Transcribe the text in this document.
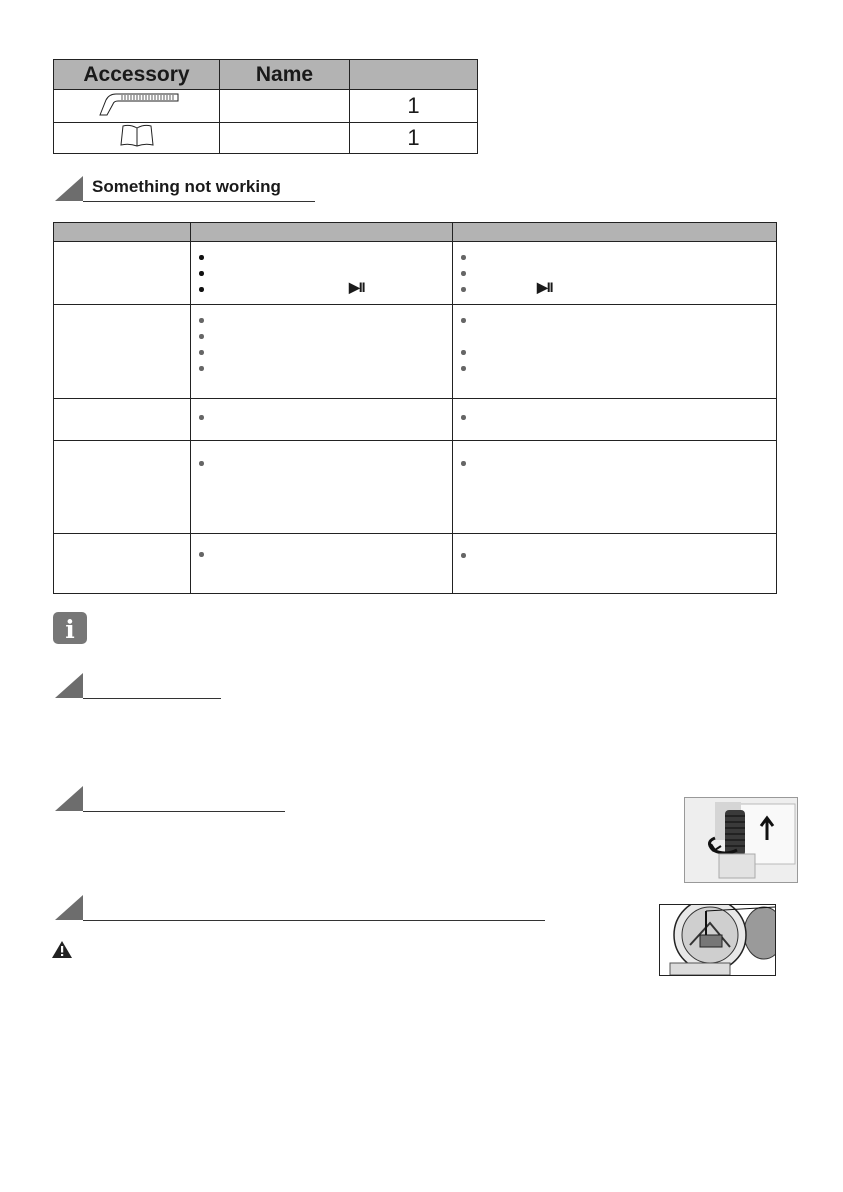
Accessory	Name	
		1
		1
Something not working

	▶II	▶II

i
